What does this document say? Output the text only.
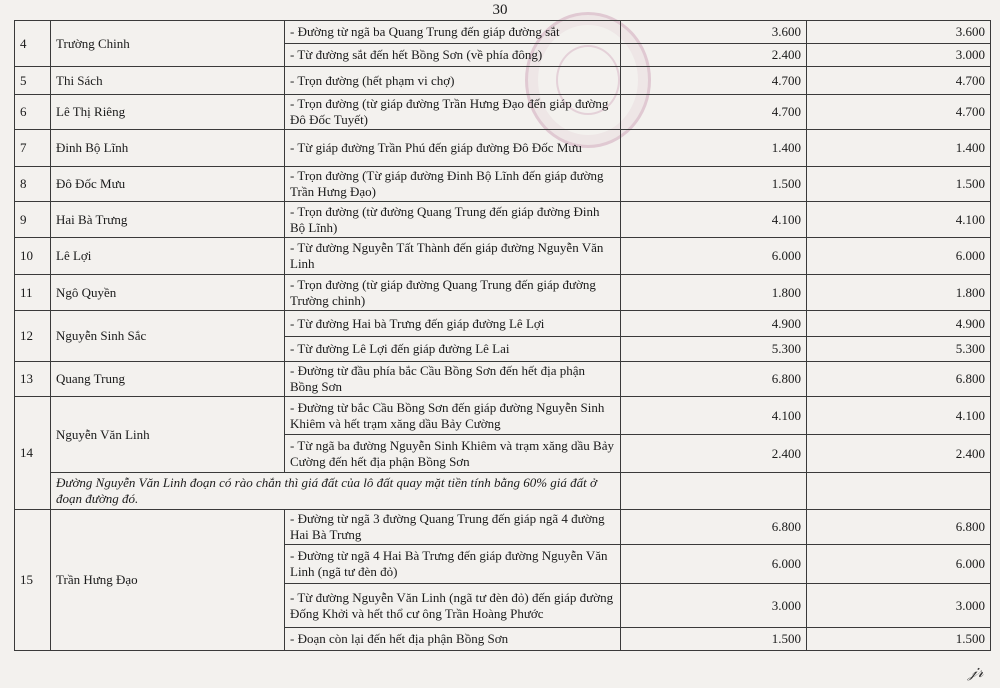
30
4	Trường Chinh	- Đường từ ngã ba Quang Trung đến giáp đường sắt	3.600	3.600
		- Từ đường sắt đến hết Bồng Sơn (về phía đông)	2.400	3.000
5	Thi Sách	- Trọn đường (hết phạm vi chợ)	4.700	4.700
6	Lê Thị Riêng	- Trọn đường (từ giáp đường Trần Hưng Đạo đến giáp đường Đô Đốc Tuyết)	4.700	4.700
7	Đinh Bộ Lĩnh	- Từ giáp đường Trần Phú đến giáp đường Đô Đốc Mưu	1.400	1.400
8	Đô Đốc Mưu	- Trọn đường (Từ giáp đường Đinh Bộ Lĩnh đến giáp đường Trần Hưng Đạo)	1.500	1.500
9	Hai Bà Trưng	- Trọn đường (từ đường Quang Trung đến giáp đường Đinh Bộ Lĩnh)	4.100	4.100
10	Lê Lợi	- Từ đường Nguyễn Tất Thành đến giáp đường Nguyễn Văn Linh	6.000	6.000
11	Ngô Quyền	- Trọn đường (từ giáp đường Quang Trung đến giáp đường Trường chinh)	1.800	1.800
12	Nguyễn Sinh Sắc	- Từ đường Hai bà Trưng đến giáp đường Lê Lợi	4.900	4.900
		- Từ đường Lê Lợi đến giáp đường Lê Lai	5.300	5.300
13	Quang Trung	- Đường từ đầu phía bắc Cầu Bồng Sơn đến hết địa phận Bồng Sơn	6.800	6.800
14	Nguyễn Văn Linh	- Đường từ bắc Cầu Bồng Sơn đến giáp đường Nguyễn Sinh Khiêm và hết trạm xăng dầu Bảy Cường	4.100	4.100
		- Từ ngã ba đường Nguyễn Sinh Khiêm và trạm xăng dầu Bảy Cường đến hết địa phận Bồng Sơn	2.400	2.400
	Đường Nguyễn Văn Linh đoạn có rào chắn thì giá đất của lô đất quay mặt tiền tính bằng 60% giá đất ở đoạn đường đó.			
15	Trần Hưng Đạo	- Đường từ ngã 3 đường Quang Trung đến giáp ngã 4 đường Hai Bà Trưng	6.800	6.800
		- Đường từ ngã 4 Hai Bà Trưng đến giáp đường Nguyễn Văn Linh (ngã tư đèn đỏ)	6.000	6.000
		- Từ đường Nguyễn Văn Linh (ngã tư đèn đỏ) đến giáp đường Đống Khởi và hết thổ cư ông Trần Hoàng Phước	3.000	3.000
		- Đoạn còn lại đến hết địa phận Bồng Sơn	1.500	1.500
𝒿𝓇
